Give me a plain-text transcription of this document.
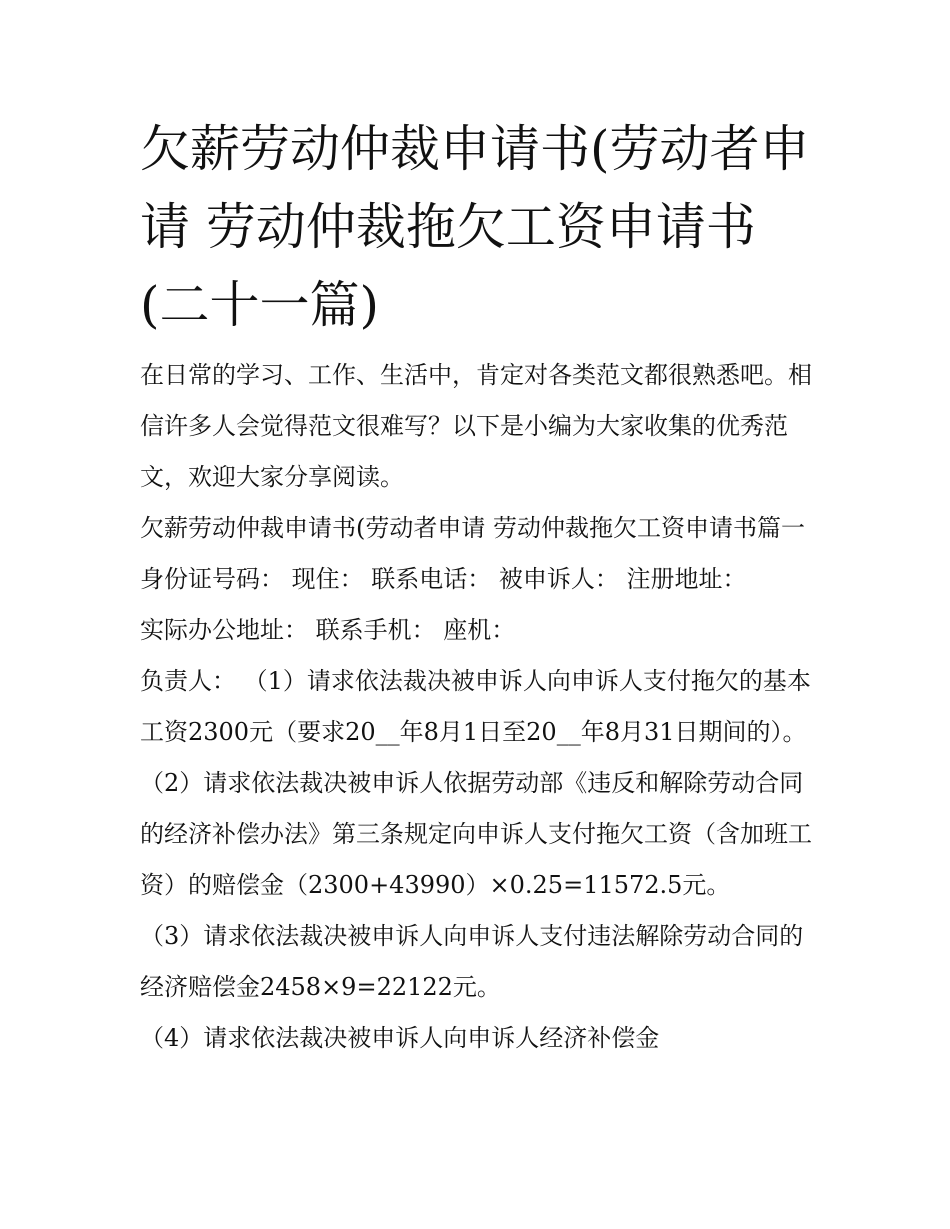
欠薪劳动仲裁申请书(劳动者申请 劳动仲裁拖欠工资申请书(二十一篇)

在日常的学习、工作、生活中，肯定对各类范文都很熟悉吧。相信许多人会觉得范文很难写？以下是小编为大家收集的优秀范文，欢迎大家分享阅读。

欠薪劳动仲裁申请书(劳动者申请 劳动仲裁拖欠工资申请书篇一 身份证号码： 现住： 联系电话： 被申诉人： 注册地址：

实际办公地址： 联系手机： 座机：

负责人： （1）请求依法裁决被申诉人向申诉人支付拖欠的基本工资2300元（要求20__年8月1日至20__年8月31日期间的）。

（2）请求依法裁决被申诉人依据劳动部《违反和解除劳动合同的经济补偿办法》第三条规定向申诉人支付拖欠工资（含加班工资）的赔偿金（2300+43990）×0.25=11572.5元。

（3）请求依法裁决被申诉人向申诉人支付违法解除劳动合同的经济赔偿金2458×9=22122元。

（4）请求依法裁决被申诉人向申诉人经济补偿金
